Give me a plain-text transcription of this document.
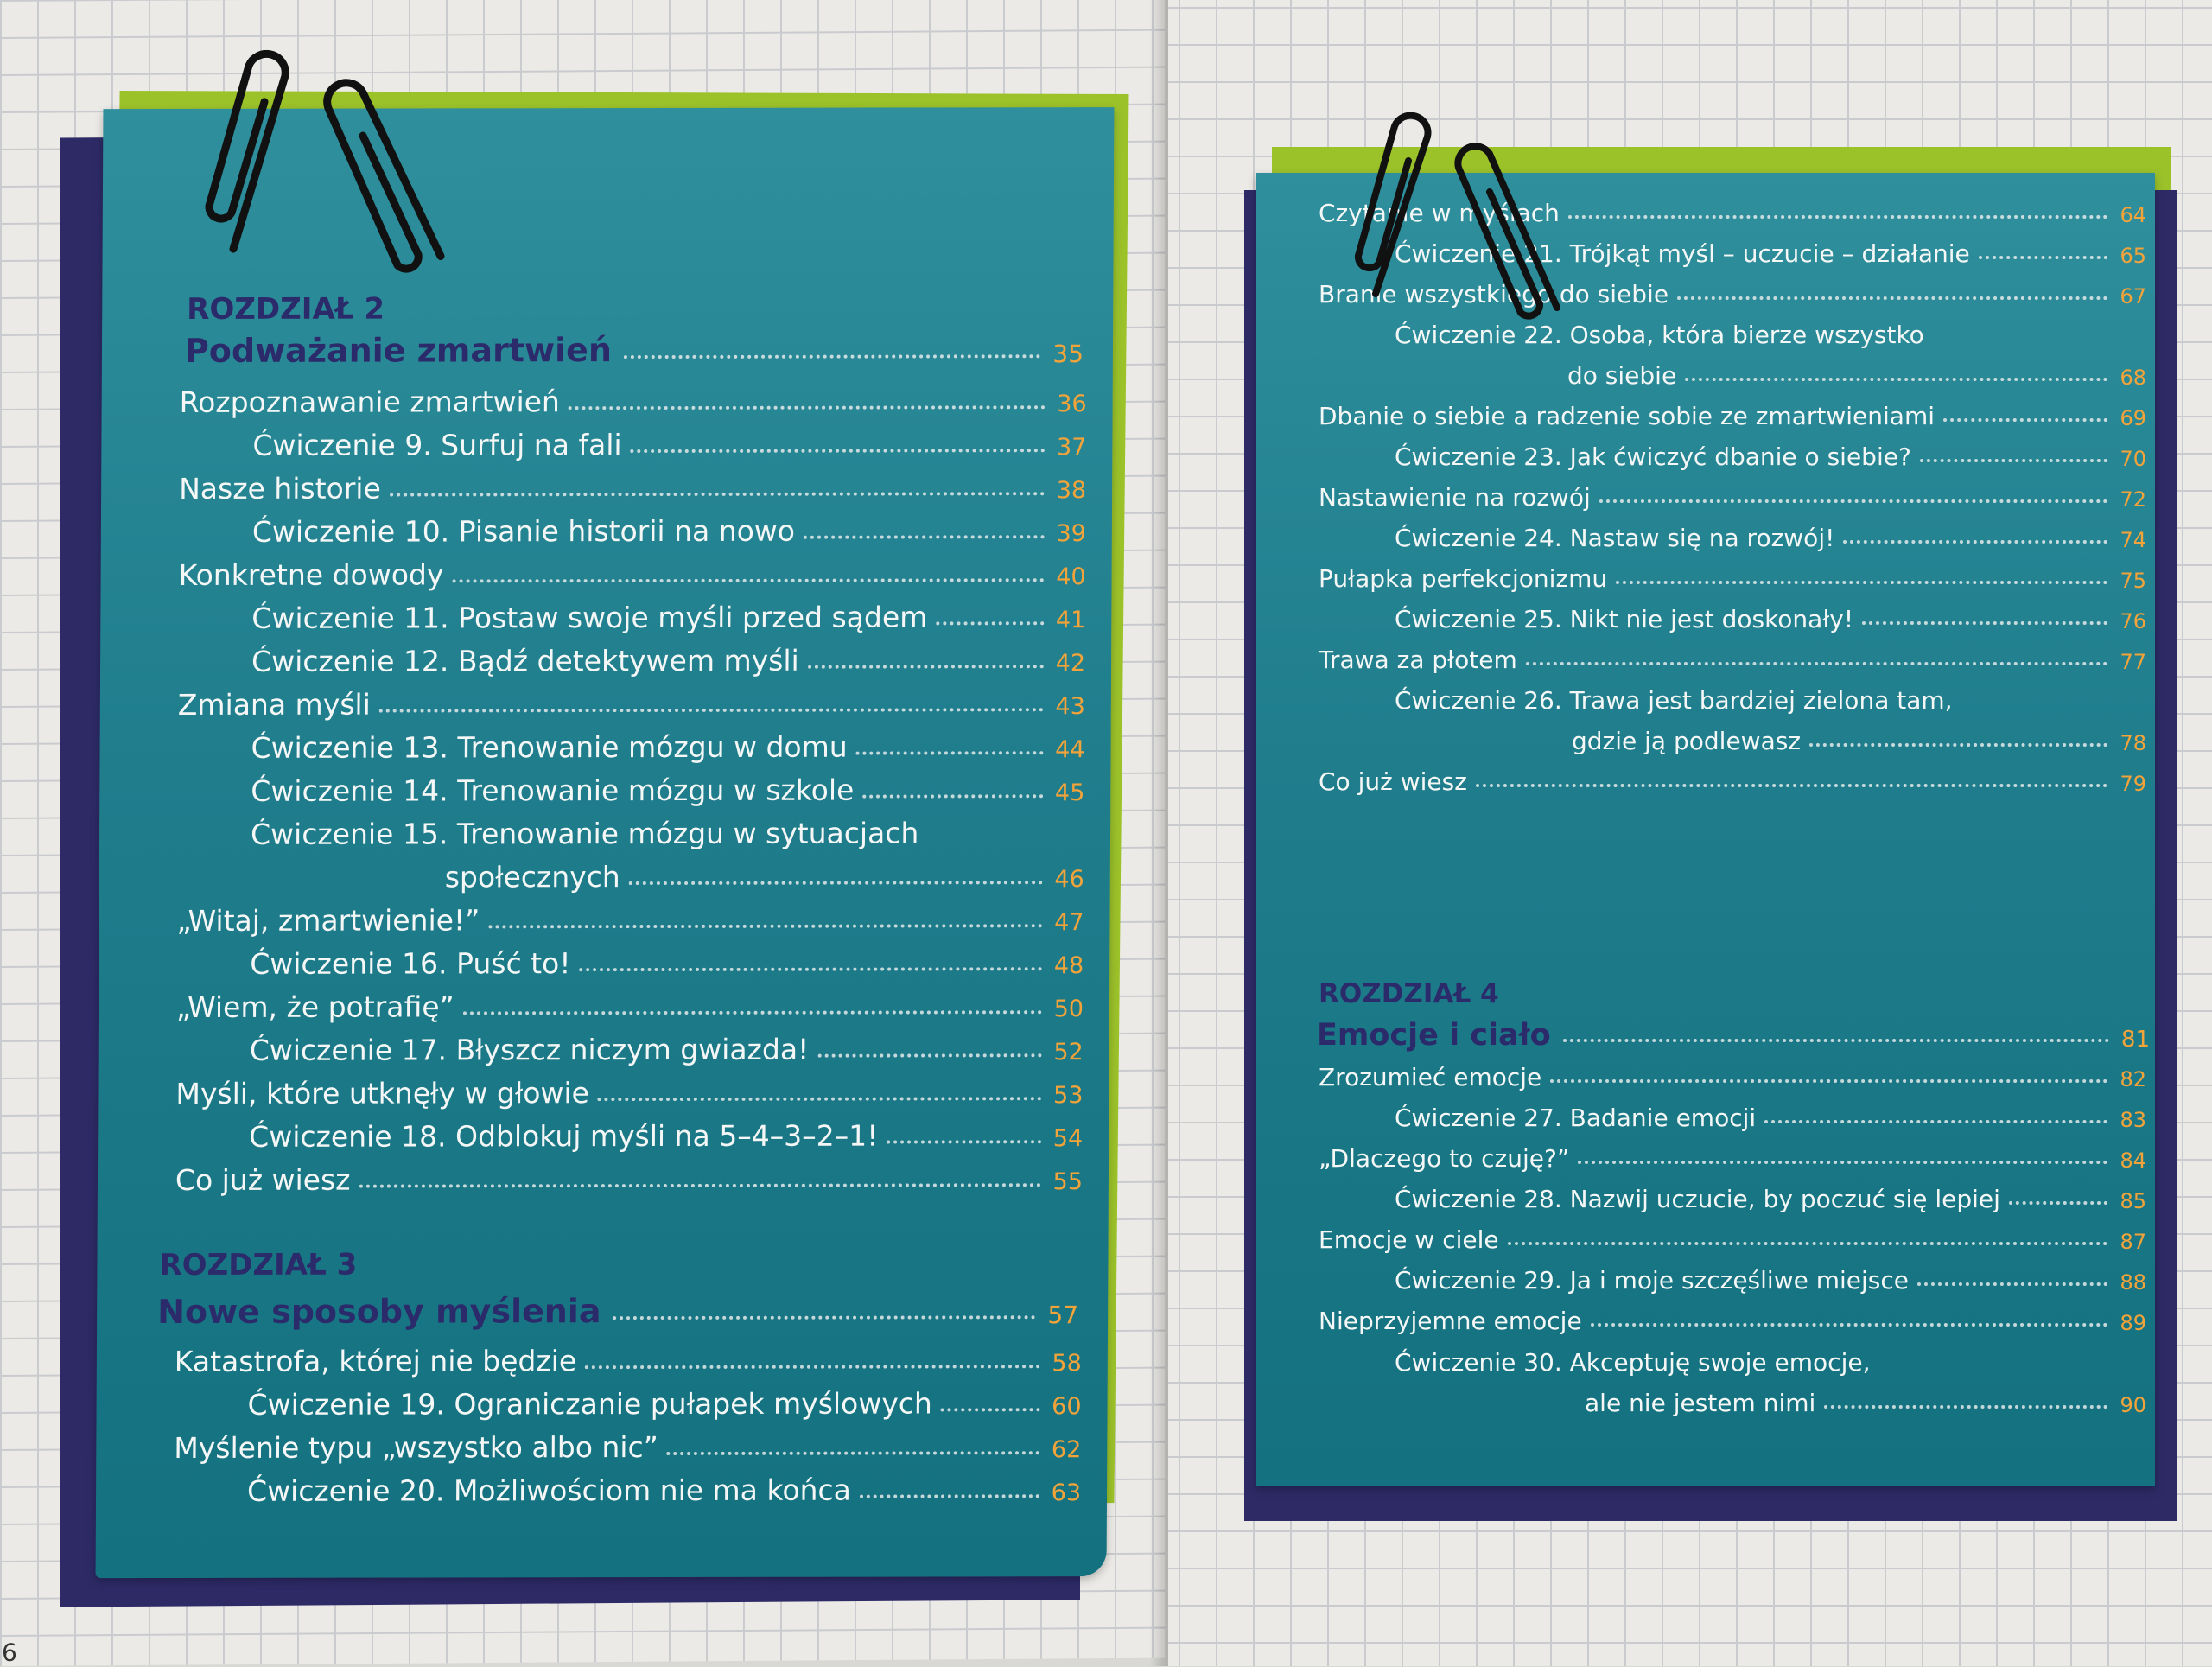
ROZDZIAŁ 2
Podważanie zmartwień	35
Rozpoznawanie zmartwień	36
Ćwiczenie 9. Surfuj na fali	37
Nasze historie	38
Ćwiczenie 10. Pisanie historii na nowo	39
Konkretne dowody	40
Ćwiczenie 11. Postaw swoje myśli przed sądem	41
Ćwiczenie 12. Bądź detektywem myśli	42
Zmiana myśli	43
Ćwiczenie 13. Trenowanie mózgu w domu	44
Ćwiczenie 14. Trenowanie mózgu w szkole	45
Ćwiczenie 15. Trenowanie mózgu w sytuacjach
społecznych	46
„Witaj, zmartwienie!”	47
Ćwiczenie 16. Puść to!	48
„Wiem, że potrafię”	50
Ćwiczenie 17. Błyszcz niczym gwiazda!	52
Myśli, które utknęły w głowie	53
Ćwiczenie 18. Odblokuj myśli na 5–4–3–2–1!	54
Co już wiesz	55
ROZDZIAŁ 3
Nowe sposoby myślenia	57
Katastrofa, której nie będzie	58
Ćwiczenie 19. Ograniczanie pułapek myślowych	60
Myślenie typu „wszystko albo nic”	62
Ćwiczenie 20. Możliwościom nie ma końca	63
6
Czytanie w myślach	64
Ćwiczenie 21. Trójkąt myśl – uczucie – działanie	65
Branie wszystkiego do siebie	67
Ćwiczenie 22. Osoba, która bierze wszystko
do siebie	68
Dbanie o siebie a radzenie sobie ze zmartwieniami	69
Ćwiczenie 23. Jak ćwiczyć dbanie o siebie?	70
Nastawienie na rozwój	72
Ćwiczenie 24. Nastaw się na rozwój!	74
Pułapka perfekcjonizmu	75
Ćwiczenie 25. Nikt nie jest doskonały!	76
Trawa za płotem	77
Ćwiczenie 26. Trawa jest bardziej zielona tam,
gdzie ją podlewasz	78
Co już wiesz	79
ROZDZIAŁ 4
Emocje i ciało	81
Zrozumieć emocje	82
Ćwiczenie 27. Badanie emocji	83
„Dlaczego to czuję?”	84
Ćwiczenie 28. Nazwij uczucie, by poczuć się lepiej	85
Emocje w ciele	87
Ćwiczenie 29. Ja i moje szczęśliwe miejsce	88
Nieprzyjemne emocje	89
Ćwiczenie 30. Akceptuję swoje emocje,
ale nie jestem nimi	90
